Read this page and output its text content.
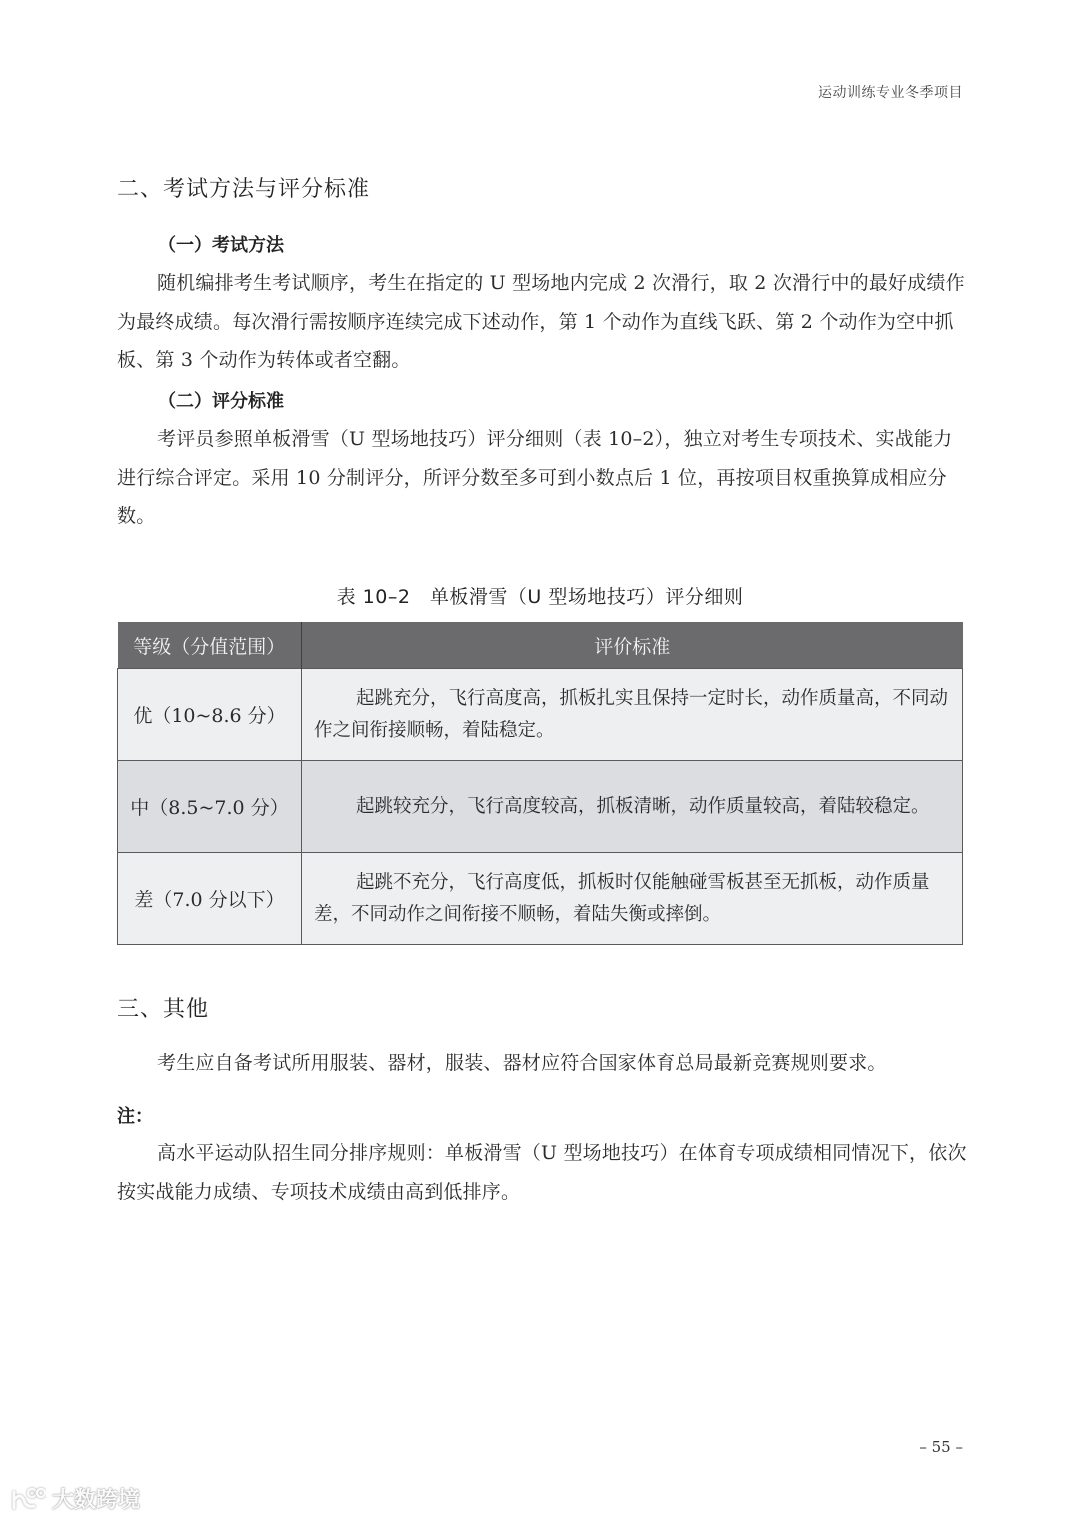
运动训练专业冬季项目
二、考试方法与评分标准
（一）考试方法
随机编排考生考试顺序，考生在指定的 U 型场地内完成 2 次滑行，取 2 次滑行中的最好成绩作为最终成绩。每次滑行需按顺序连续完成下述动作，第 1 个动作为直线飞跃、第 2 个动作为空中抓板、第 3 个动作为转体或者空翻。
（二）评分标准
考评员参照单板滑雪（U 型场地技巧）评分细则（表 10–2），独立对考生专项技术、实战能力进行综合评定。采用 10 分制评分，所评分数至多可到小数点后 1 位，再按项目权重换算成相应分数。
表 10–2　单板滑雪（U 型场地技巧）评分细则
等级（分值范围）	评价标准
优（10~8.6 分）	起跳充分，飞行高度高，抓板扎实且保持一定时长，动作质量高，不同动作之间衔接顺畅，着陆稳定。
中（8.5~7.0 分）	起跳较充分，飞行高度较高，抓板清晰，动作质量较高，着陆较稳定。
差（7.0 分以下）	起跳不充分，飞行高度低，抓板时仅能触碰雪板甚至无抓板，动作质量差，不同动作之间衔接不顺畅，着陆失衡或摔倒。
三、其他
考生应自备考试所用服装、器材，服装、器材应符合国家体育总局最新竞赛规则要求。
注：
高水平运动队招生同分排序规则：单板滑雪（U 型场地技巧）在体育专项成绩相同情况下，依次按实战能力成绩、专项技术成绩由高到低排序。
– 55 –
大数跨境
